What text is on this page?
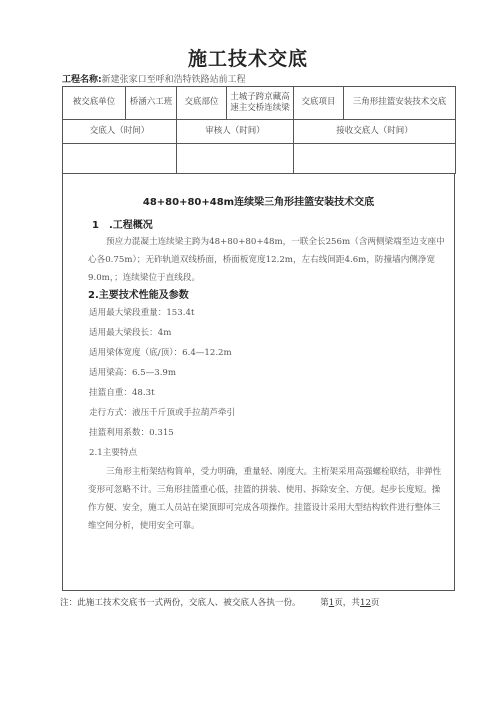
施工技术交底
工程名称:新建张家口至呼和浩特铁路站前工程
被交底单位	桥涵六工班	交底部位	土城子跨京藏高速主交桥连续梁	交底项目	三角形挂篮安装技术交底
交底人（时间）		审核人（时间）		接收交底人（时间）	

48+80+80+48m连续梁三角形挂篮安装技术交底
1　.工程概况
预应力混凝土连续梁主跨为48+80+80+48m，一联全长256m（含两侧梁端至边支座中心各0.75m）；无砟轨道双线桥面，桥面板宽度12.2m，左右线间距4.6m，防撞墙内侧净宽9.0m，；连续梁位于直线段。
2.主要技术性能及参数
适用最大梁段重量：153.4t
适用最大梁段长：4m
适用梁体宽度（底/顶）：6.4—12.2m
适用梁高：6.5—3.9m
挂篮自重：48.3t
走行方式：液压千斤顶或手拉葫芦牵引
挂篮利用系数：0.315
2.1主要特点
三角形主桁架结构简单，受力明确，重量轻、刚度大。主桁架采用高强螺栓联结，非弹性变形可忽略不计。三角形挂篮重心低，挂篮的拼装、使用、拆除安全、方便。起步长度短。操作方便、安全，施工人员站在梁顶即可完成各项操作。挂篮设计采用大型结构软件进行整体三维空间分析，使用安全可靠。
注：此施工技术交底书一式两份，交底人、被交底人各执一份。 第1页，共12页
